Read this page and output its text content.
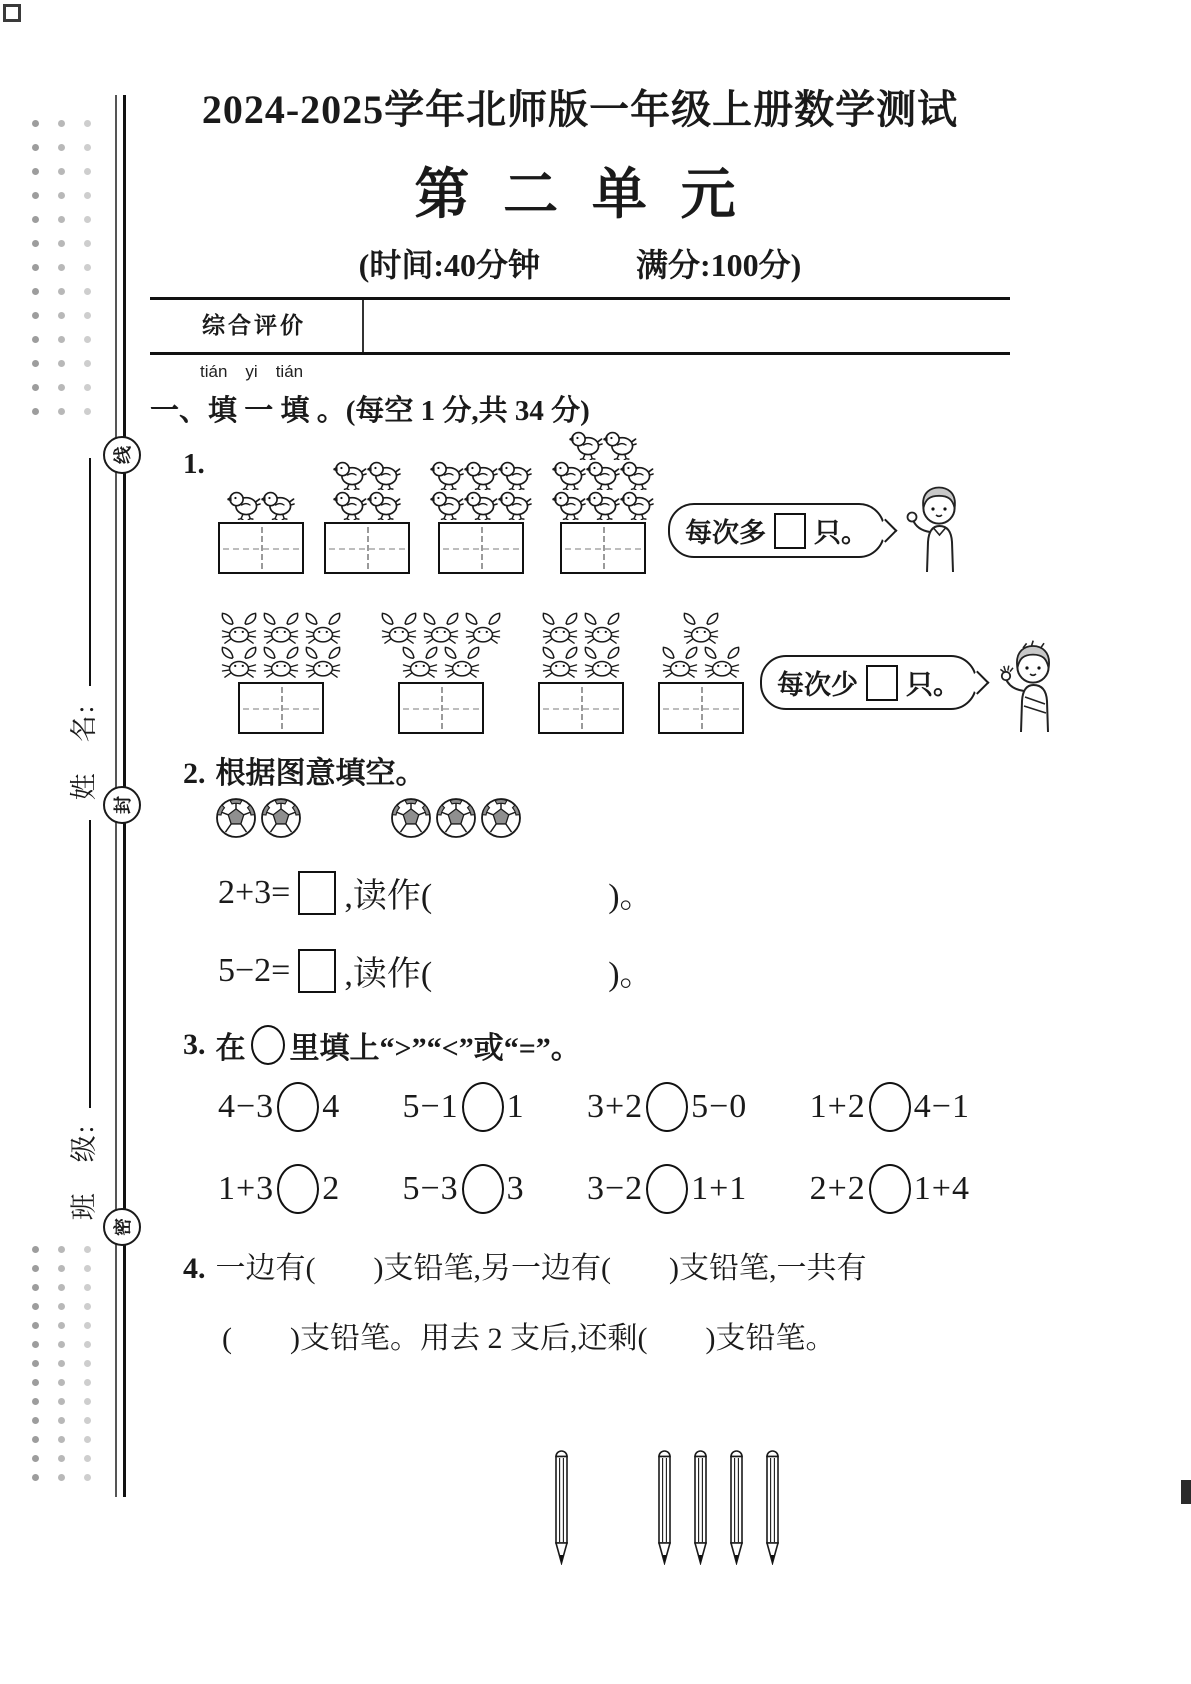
姓　名:
班　级:
线
封
密
2024-2025学年北师版一年级上册数学测试
第 二 单 元
(时间:40分钟　　　满分:100分)
综合评价
tián yi tián
一、填 一 填 。(每空 1 分,共 34 分)
1.
每次多 只。
每次少 只。
2. 根据图意填空。
2+3= ,读作(	)。
5−2= ,读作(	)。
3. 在 里填上“>”“<”或“=”。
4−3 4 5−1 1 3+2 5−0 1+2 4−1
1+3 2 5−3 3 3−2 1+1 2+2 1+4
4. 一边有( )支铅笔,另一边有( )支铅笔,一共有
( )支铅笔。用去 2 支后,还剩( )支铅笔。
